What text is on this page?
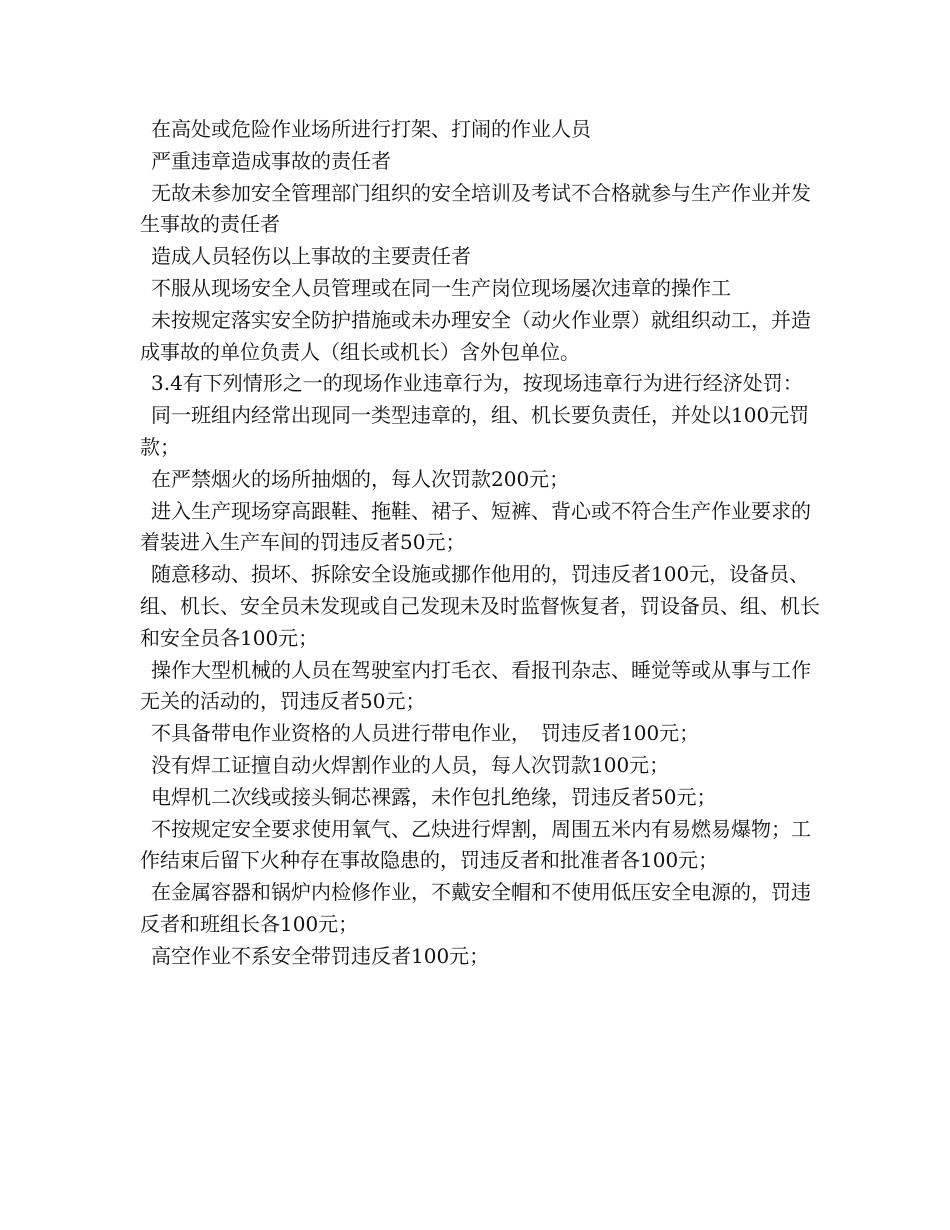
在高处或危险作业场所进行打架、打闹的作业人员

严重违章造成事故的责任者

无故未参加安全管理部门组织的安全培训及考试不合格就参与生产作业并发生事故的责任者

造成人员轻伤以上事故的主要责任者

不服从现场安全人员管理或在同一生产岗位现场屡次违章的操作工

未按规定落实安全防护措施或未办理安全（动火作业票）就组织动工，并造成事故的单位负责人（组长或机长）含外包单位。

3.4有下列情形之一的现场作业违章行为，按现场违章行为进行经济处罚：

同一班组内经常出现同一类型违章的，组、机长要负责任，并处以100元罚款；

在严禁烟火的场所抽烟的，每人次罚款200元；

进入生产现场穿高跟鞋、拖鞋、裙子、短裤、背心或不符合生产作业要求的着装进入生产车间的罚违反者50元；

随意移动、损坏、拆除安全设施或挪作他用的，罚违反者100元，设备员、组、机长、安全员未发现或自己发现未及时监督恢复者，罚设备员、组、机长和安全员各100元；

操作大型机械的人员在驾驶室内打毛衣、看报刊杂志、睡觉等或从事与工作无关的活动的，罚违反者50元；

不具备带电作业资格的人员进行带电作业，　罚违反者100元；

没有焊工证擅自动火焊割作业的人员，每人次罚款100元；

电焊机二次线或接头铜芯裸露，未作包扎绝缘，罚违反者50元；

不按规定安全要求使用氧气、乙炔进行焊割，周围五米内有易燃易爆物；工作结束后留下火种存在事故隐患的，罚违反者和批准者各100元；

在金属容器和锅炉内检修作业，不戴安全帽和不使用低压安全电源的，罚违反者和班组长各100元；

高空作业不系安全带罚违反者100元；
